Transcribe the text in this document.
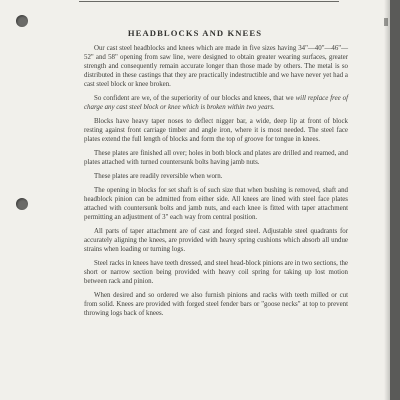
HEADBLOCKS AND KNEES

Our cast steel headblocks and knees which are made in five sizes having 34"—40"—46"—52" and 58" opening from saw line, were designed to obtain greater wearing surfaces, greater strength and consequently remain accurate longer than those made by others. The metal is so distributed in these castings that they are practically indestructible and we have never yet had a cast steel block or knee broken.

So confident are we, of the superiority of our blocks and knees, that we will replace free of charge any cast steel block or knee which is broken within two years.

Blocks have heavy taper noses to deflect nigger bar, a wide, deep lip at front of block resting against front carriage timber and angle iron, where it is most needed. The steel face plates extend the full length of blocks and form the top of groove for tongue in knees.

These plates are finished all over; holes in both block and plates are drilled and reamed, and plates attached with turned countersunk bolts having jamb nuts.

These plates are readily reversible when worn.

The opening in blocks for set shaft is of such size that when bushing is removed, shaft and headblock pinion can be admitted from either side. All knees are lined with steel face plates attached with countersunk bolts and jamb nuts, and each knee is fitted with taper attachment permitting an adjustment of 3" each way from central position.

All parts of taper attachment are of cast and forged steel. Adjustable steel quadrants for accurately aligning the knees, are provided with heavy spring cushions which absorb all undue strains when loading or turning logs.

Steel racks in knees have teeth dressed, and steel head-block pinions are in two sections, the short or narrow section being provided with heavy coil spring for taking up lost motion between rack and pinion.

When desired and so ordered we also furnish pinions and racks with teeth milled or cut from solid. Knees are provided with forged steel fender bars or "goose necks" at top to prevent throwing logs back of knees.
